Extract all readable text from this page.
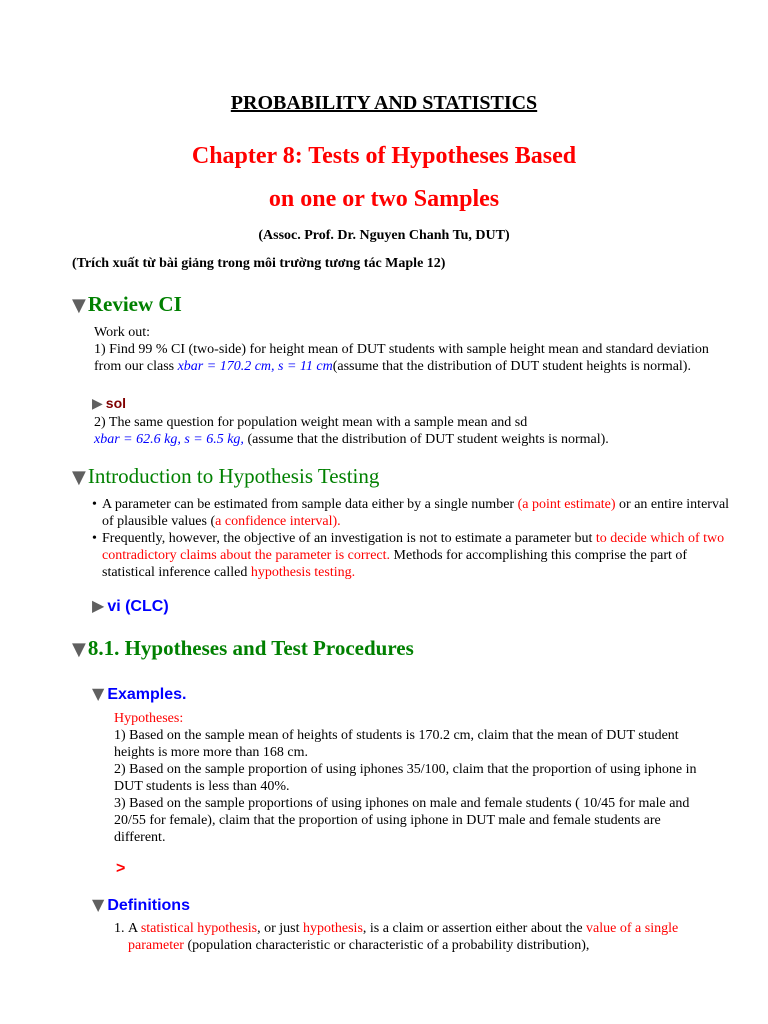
PROBABILITY AND STATISTICS
Chapter 8: Tests of Hypotheses Based
on one or two Samples
(Assoc. Prof. Dr. Nguyen Chanh Tu, DUT)
(Trích xuất từ bài giảng trong môi trường tương tác Maple 12)
▼Review CI
Work out:
1) Find 99 % CI (two-side) for height mean of DUT students with sample height mean and standard deviation from our class xbar = 170.2 cm, s = 11 cm(assume that the distribution of DUT student heights is normal).
▶ sol
2) The same question for population weight mean with a sample mean and sd
xbar = 62.6 kg, s = 6.5 kg, (assume that the distribution of DUT student weights is normal).
▼Introduction to Hypothesis Testing
• A parameter can be estimated from sample data either by a single number (a point estimate) or an entire interval of plausible values (a confidence interval).
• Frequently, however, the objective of an investigation is not to estimate a parameter but to decide which of two contradictory claims about the parameter is correct. Methods for accomplishing this comprise the part of statistical inference called hypothesis testing.
▶ vi (CLC)
▼8.1. Hypotheses and Test Procedures
▼ Examples.
Hypotheses:
1) Based on the sample mean of heights of students is 170.2 cm, claim that the mean of DUT student heights is more more than 168 cm.
2) Based on the sample proportion of using iphones 35/100, claim that the proportion of using iphone in DUT students is less than 40%.
3) Based on the sample proportions of using iphones on male and female students ( 10/45 for male and 20/55 for female), claim that the proportion of using iphone in DUT male and female students are different.
>
▼ Definitions
1. A statistical hypothesis, or just hypothesis, is a claim or assertion either about the value of a single parameter (population characteristic or characteristic of a probability distribution),
